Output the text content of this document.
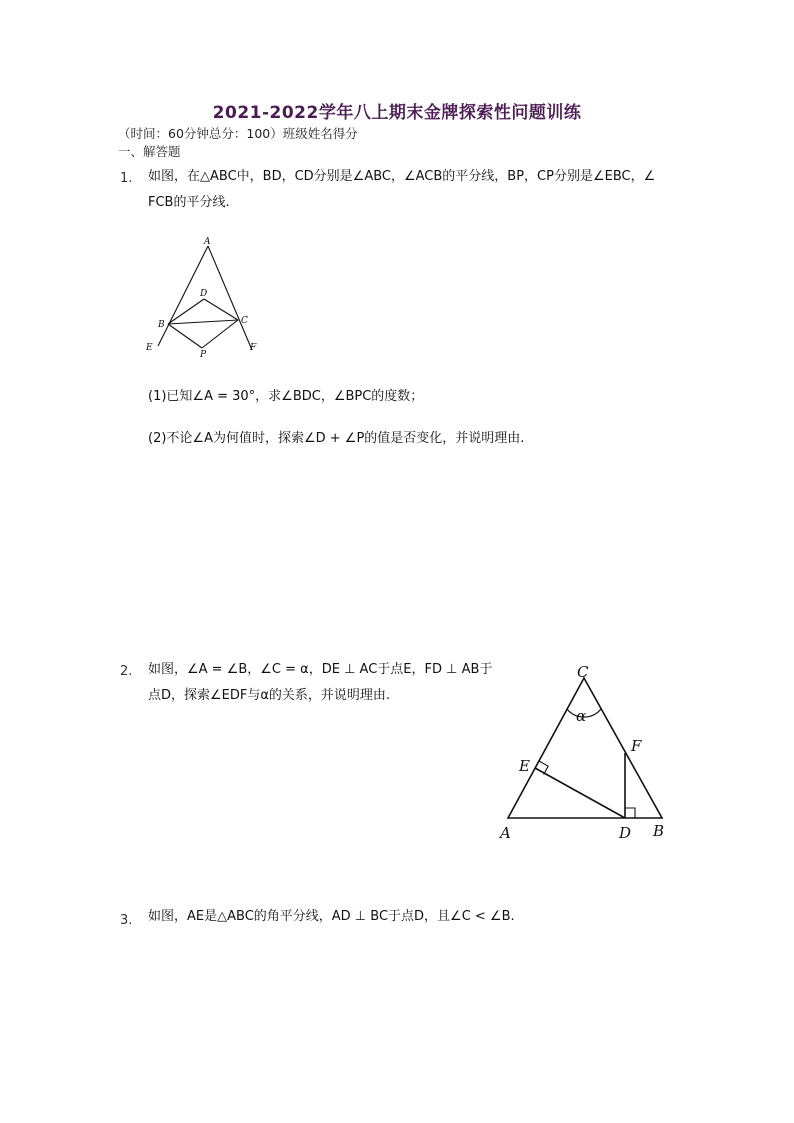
2021-2022学年八上期末金牌探索性问题训练
（时间：60分钟总分：100）班级姓名得分
一、解答题
1. 如图，在△ABC中，BD，CD分别是∠ABC，∠ACB的平分线，BP，CP分别是∠EBC，∠
FCB的平分线.
A
B	C
D
E	F
P
(1)已知∠A = 30°，求∠BDC，∠BPC的度数；
(2)不论∠A为何值时，探索∠D + ∠P的值是否变化，并说明理由.
2. 如图，∠A = ∠B，∠C = α，DE ⊥ AC于点E，FD ⊥ AB于
点D，探索∠EDF与α的关系，并说明理由.
C
α
F
E
A	D B
3. 如图，AE是△ABC的角平分线，AD ⊥ BC于点D，且∠C < ∠B.
